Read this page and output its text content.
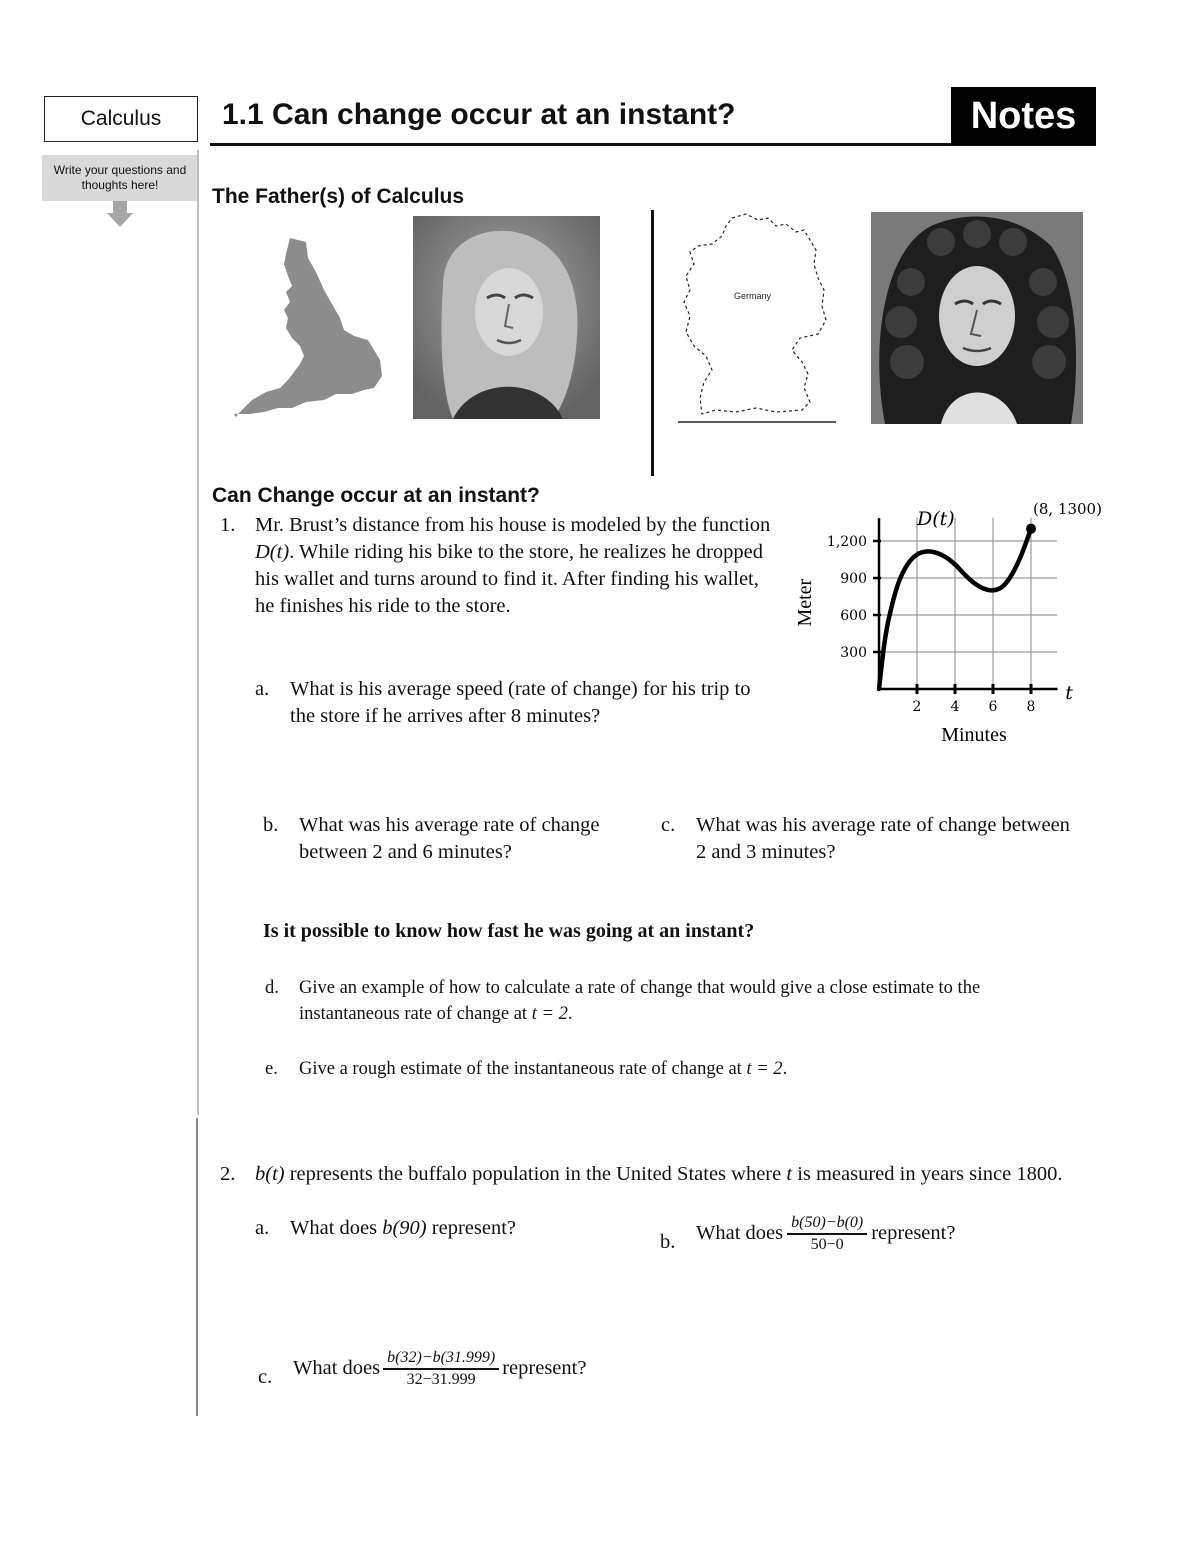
Calculus	1.1 Can change occur at an instant?	Notes
Write your questions and thoughts here!	The Father(s) of Calculus
Germany
Can Change occur at an instant?
1. Mr. Brust’s distance from his house is modeled by the function D(t). While riding his bike to the store, he realizes he dropped his wallet and turns around to find it. After finding his wallet, he finishes his ride to the store.
a. What is his average speed (rate of change) for his trip to the store if he arrives after 8 minutes?
b. What was his average rate of change between 2 and 6 minutes?
c. What was his average rate of change between 2 and 3 minutes?
Is it possible to know how fast he was going at an instant?
d. Give an example of how to calculate a rate of change that would give a close estimate to the instantaneous rate of change at t = 2.
e. Give a rough estimate of the instantaneous rate of change at t = 2.
2. b(t) represents the buffalo population in the United States where t is measured in years since 1800.
a. What does b(90) represent?
b. What does b(50)−b(0)
50−0 represent?
c. What does b(32)−b(31.999)
32−31.999 represent?
2 4 6 8
300
600
900
1,200
D(t)	(8, 1300)
t
Minutes
Meter
